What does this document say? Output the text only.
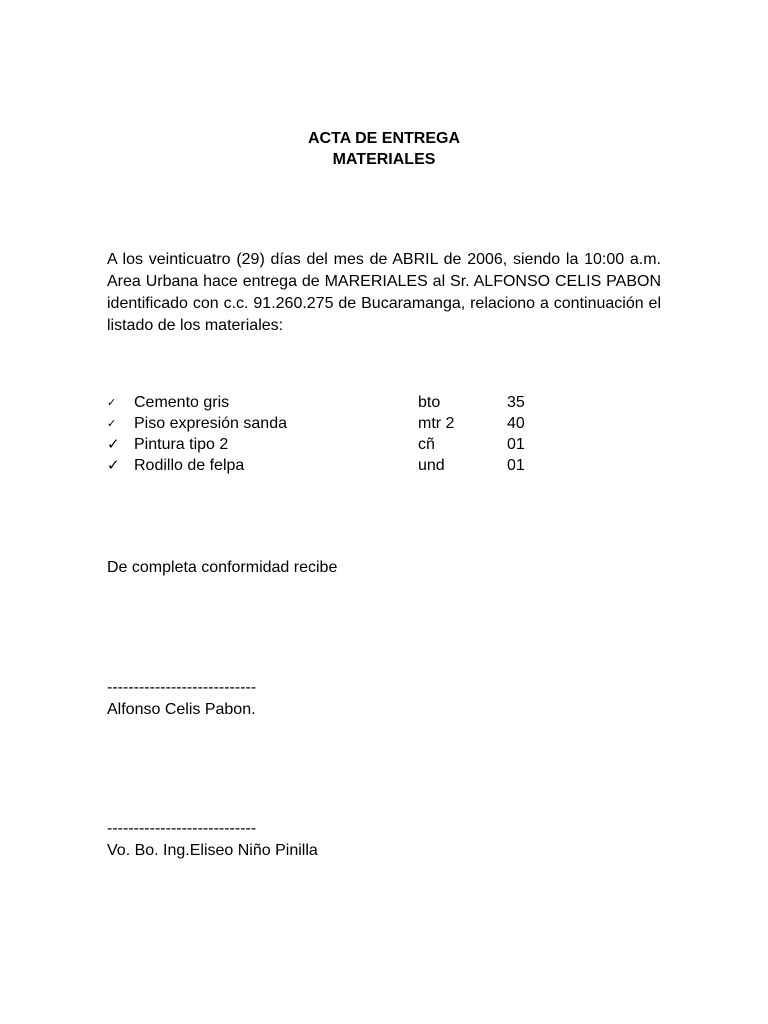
ACTA DE ENTREGA
MATERIALES
A los veinticuatro (29) días del mes de ABRIL de 2006, siendo la 10:00 a.m. Area Urbana hace entrega de MARERIALES al Sr. ALFONSO CELIS PABON identificado con c.c. 91.260.275 de Bucaramanga, relaciono a continuación el listado de los materiales:
✓	Cemento gris	bto	35
✓	Piso expresión sanda	mtr 2	40
✓ Pintura tipo 2	cñ	01
✓ Rodillo de felpa	und	01
De completa conformidad recibe
----------------------------
Alfonso Celis Pabon.
----------------------------
Vo. Bo. Ing.Eliseo Niño Pinilla
